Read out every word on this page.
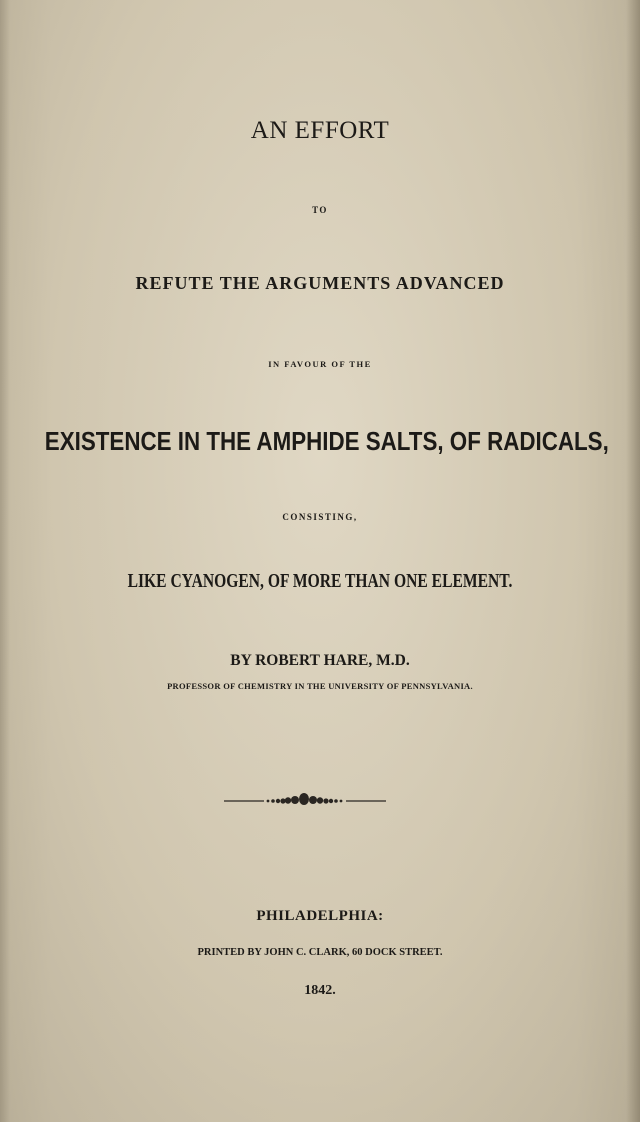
AN EFFORT
TO
REFUTE THE ARGUMENTS ADVANCED
IN FAVOUR OF THE
EXISTENCE IN THE AMPHIDE SALTS, OF RADICALS,
CONSISTING,
LIKE CYANOGEN, OF MORE THAN ONE ELEMENT.
BY ROBERT HARE, M.D.
PROFESSOR OF CHEMISTRY IN THE UNIVERSITY OF PENNSYLVANIA.
PHILADELPHIA:
PRINTED BY JOHN C. CLARK, 60 DOCK STREET.
1842.
